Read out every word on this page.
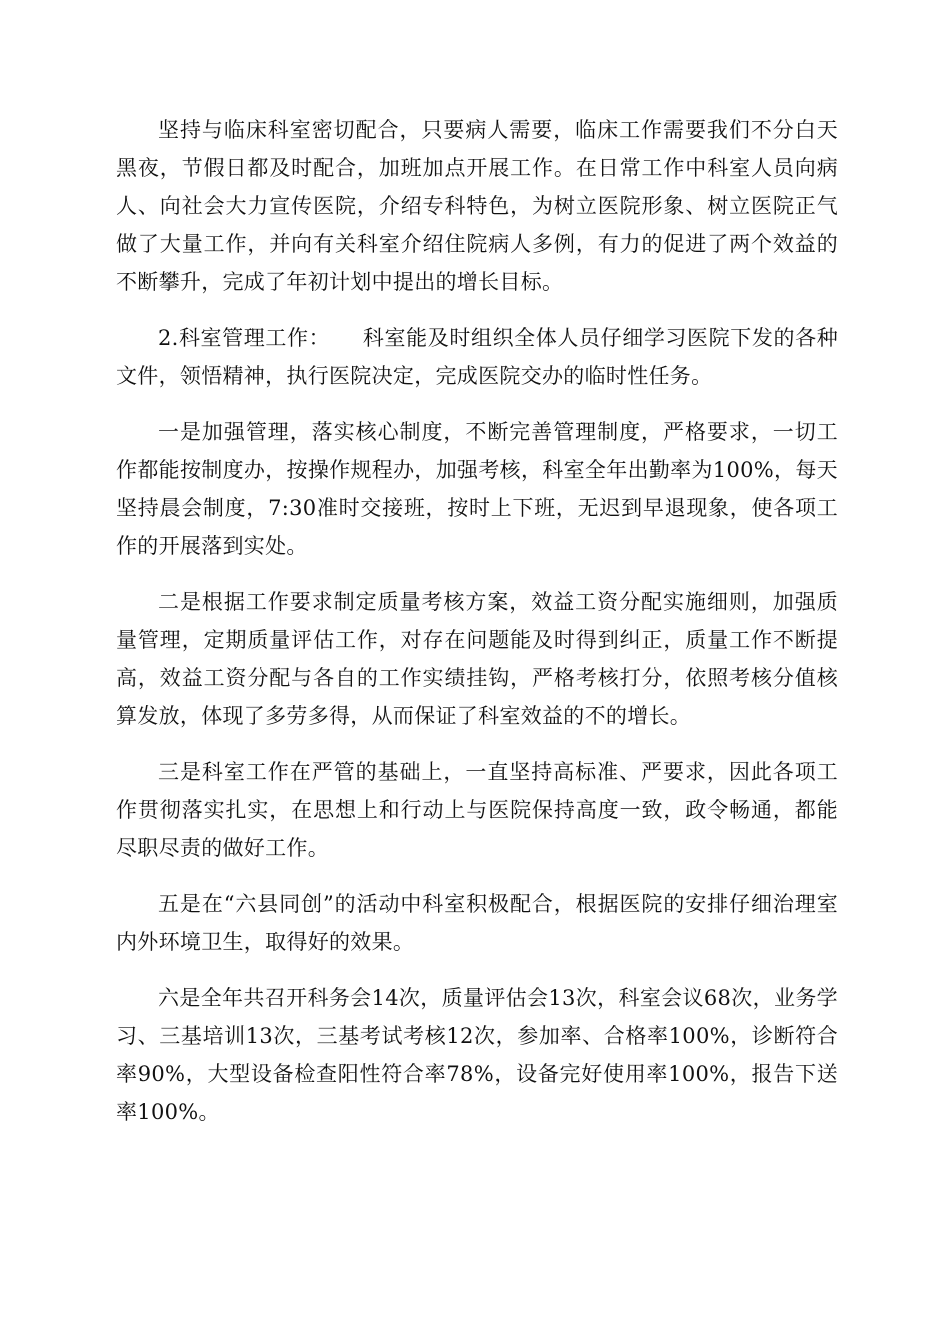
坚持与临床科室密切配合，只要病人需要，临床工作需要我们不分白天黑夜，节假日都及时配合，加班加点开展工作。在日常工作中科室人员向病人、向社会大力宣传医院，介绍专科特色，为树立医院形象、树立医院正气做了大量工作，并向有关科室介绍住院病人多例，有力的促进了两个效益的不断攀升，完成了年初计划中提出的增长目标。

2.科室管理工作：　　科室能及时组织全体人员仔细学习医院下发的各种文件，领悟精神，执行医院决定，完成医院交办的临时性任务。

一是加强管理，落实核心制度，不断完善管理制度，严格要求，一切工作都能按制度办，按操作规程办，加强考核，科室全年出勤率为100%，每天坚持晨会制度，7:30准时交接班，按时上下班，无迟到早退现象，使各项工作的开展落到实处。

二是根据工作要求制定质量考核方案，效益工资分配实施细则，加强质量管理，定期质量评估工作，对存在问题能及时得到纠正，质量工作不断提高，效益工资分配与各自的工作实绩挂钩，严格考核打分，依照考核分值核算发放，体现了多劳多得，从而保证了科室效益的不的增长。

三是科室工作在严管的基础上，一直坚持高标准、严要求，因此各项工作贯彻落实扎实，在思想上和行动上与医院保持高度一致，政令畅通，都能尽职尽责的做好工作。

五是在“六县同创”的活动中科室积极配合，根据医院的安排仔细治理室内外环境卫生，取得好的效果。

六是全年共召开科务会14次，质量评估会13次，科室会议68次，业务学习、三基培训13次，三基考试考核12次，参加率、合格率100%，诊断符合率90%，大型设备检查阳性符合率78%，设备完好使用率100%，报告下送率100%。
